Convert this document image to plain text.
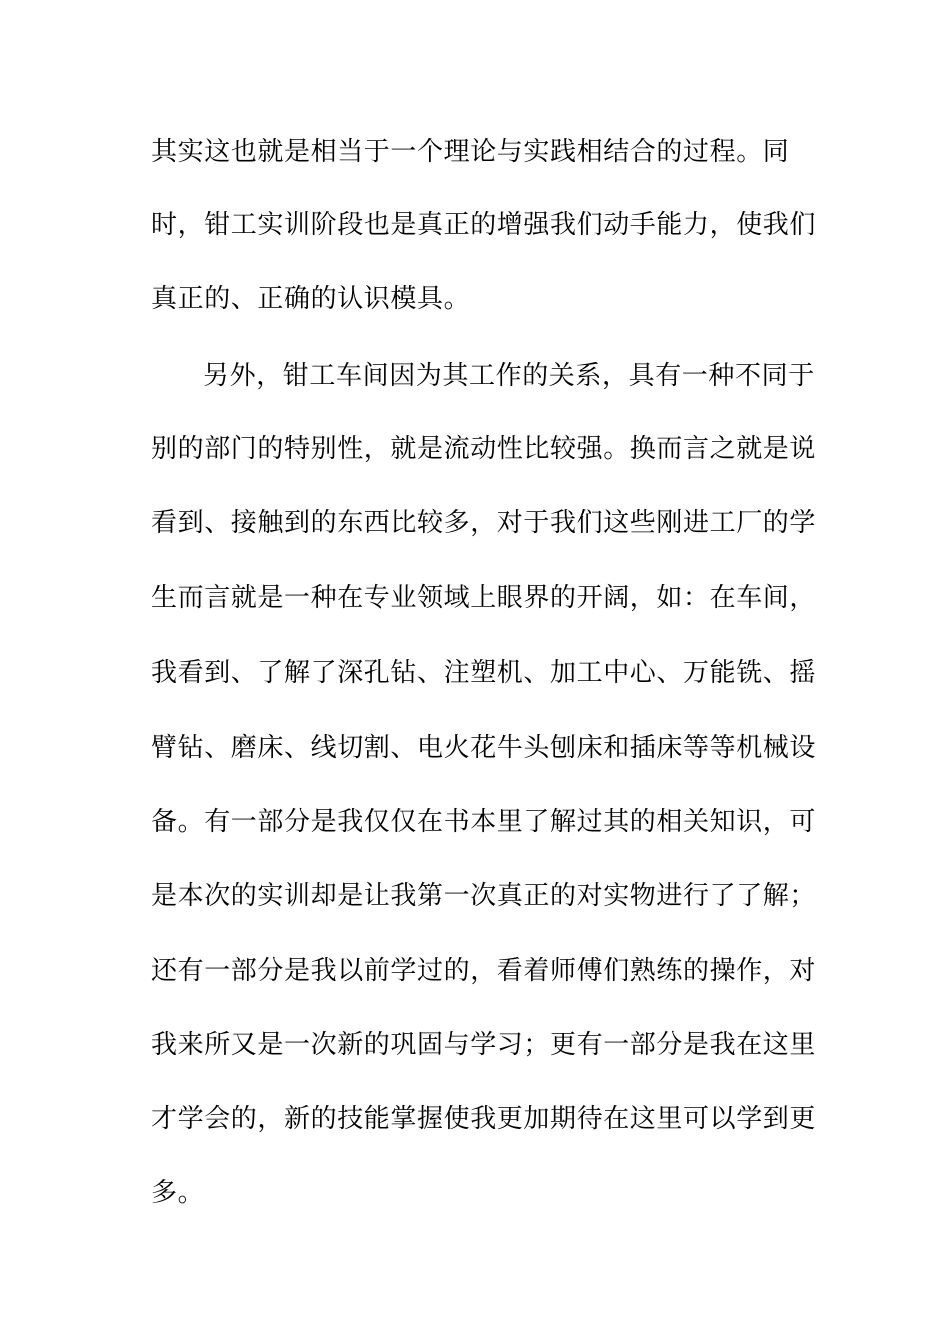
其实这也就是相当于一个理论与实践相结合的过程。同
时，钳工实训阶段也是真正的增强我们动手能力，使我们
真正的、正确的认识模具。
另外，钳工车间因为其工作的关系，具有一种不同于
别的部门的特别性，就是流动性比较强。换而言之就是说
看到、接触到的东西比较多，对于我们这些刚进工厂的学
生而言就是一种在专业领域上眼界的开阔，如：在车间，
我看到、了解了深孔钻、注塑机、加工中心、万能铣、摇
臂钻、磨床、线切割、电火花牛头刨床和插床等等机械设
备。有一部分是我仅仅在书本里了解过其的相关知识，可
是本次的实训却是让我第一次真正的对实物进行了了解；
还有一部分是我以前学过的，看着师傅们熟练的操作，对
我来所又是一次新的巩固与学习；更有一部分是我在这里
才学会的，新的技能掌握使我更加期待在这里可以学到更
多。
